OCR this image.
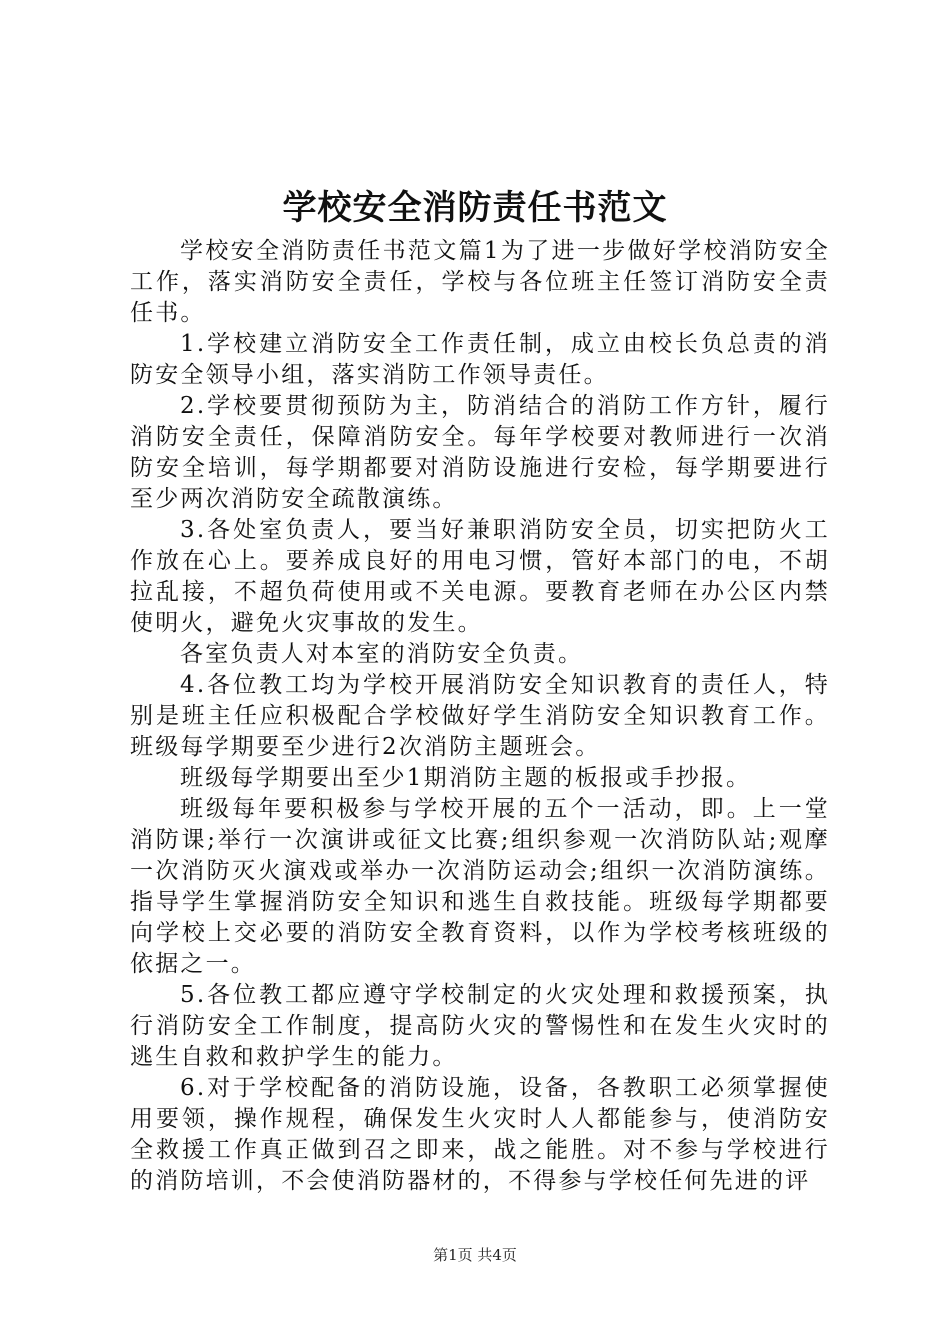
学校安全消防责任书范文

学校安全消防责任书范文篇1为了进一步做好学校消防安全工作，落实消防安全责任，学校与各位班主任签订消防安全责任书。

1.学校建立消防安全工作责任制，成立由校长负总责的消防安全领导小组，落实消防工作领导责任。

2.学校要贯彻预防为主，防消结合的消防工作方针，履行消防安全责任，保障消防安全。每年学校要对教师进行一次消防安全培训，每学期都要对消防设施进行安检，每学期要进行至少两次消防安全疏散演练。

3.各处室负责人，要当好兼职消防安全员，切实把防火工作放在心上。要养成良好的用电习惯，管好本部门的电，不胡拉乱接，不超负荷使用或不关电源。要教育老师在办公区内禁使明火，避免火灾事故的发生。

各室负责人对本室的消防安全负责。

4.各位教工均为学校开展消防安全知识教育的责任人，特别是班主任应积极配合学校做好学生消防安全知识教育工作。班级每学期要至少进行2次消防主题班会。

班级每学期要出至少1期消防主题的板报或手抄报。

班级每年要积极参与学校开展的五个一活动，即。上一堂消防课;举行一次演讲或征文比赛;组织参观一次消防队站;观摩一次消防灭火演戏或举办一次消防运动会;组织一次消防演练。指导学生掌握消防安全知识和逃生自救技能。班级每学期都要向学校上交必要的消防安全教育资料，以作为学校考核班级的依据之一。

5.各位教工都应遵守学校制定的火灾处理和救援预案，执行消防安全工作制度，提高防火灾的警惕性和在发生火灾时的逃生自救和救护学生的能力。

6.对于学校配备的消防设施，设备，各教职工必须掌握使用要领，操作规程，确保发生火灾时人人都能参与，使消防安全救援工作真正做到召之即来，战之能胜。对不参与学校进行的消防培训，不会使消防器材的，不得参与学校任何先进的评

第1页 共4页
